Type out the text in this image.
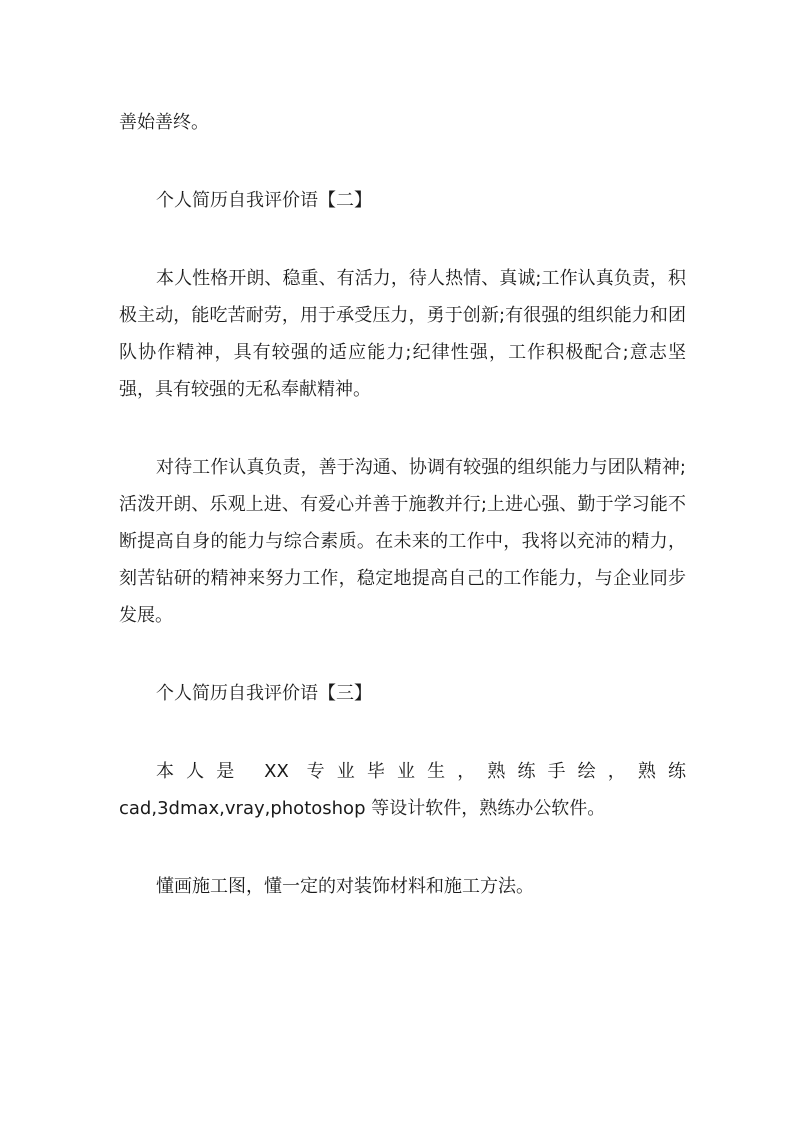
善始善终。

个人简历自我评价语【二】

本人性格开朗、稳重、有活力，待人热情、真诚;工作认真负责，积极主动，能吃苦耐劳，用于承受压力，勇于创新;有很强的组织能力和团队协作精神，具有较强的适应能力;纪律性强，工作积极配合;意志坚强，具有较强的无私奉献精神。

对待工作认真负责，善于沟通、协调有较强的组织能力与团队精神;活泼开朗、乐观上进、有爱心并善于施教并行;上进心强、勤于学习能不断提高自身的能力与综合素质。在未来的工作中，我将以充沛的精力，刻苦钻研的精神来努力工作，稳定地提高自己的工作能力，与企业同步发展。

个人简历自我评价语【三】

本人是 XX 专业毕业生，熟练手绘，熟练 cad,3dmax,vray,photoshop 等设计软件，熟练办公软件。

懂画施工图，懂一定的对装饰材料和施工方法。
